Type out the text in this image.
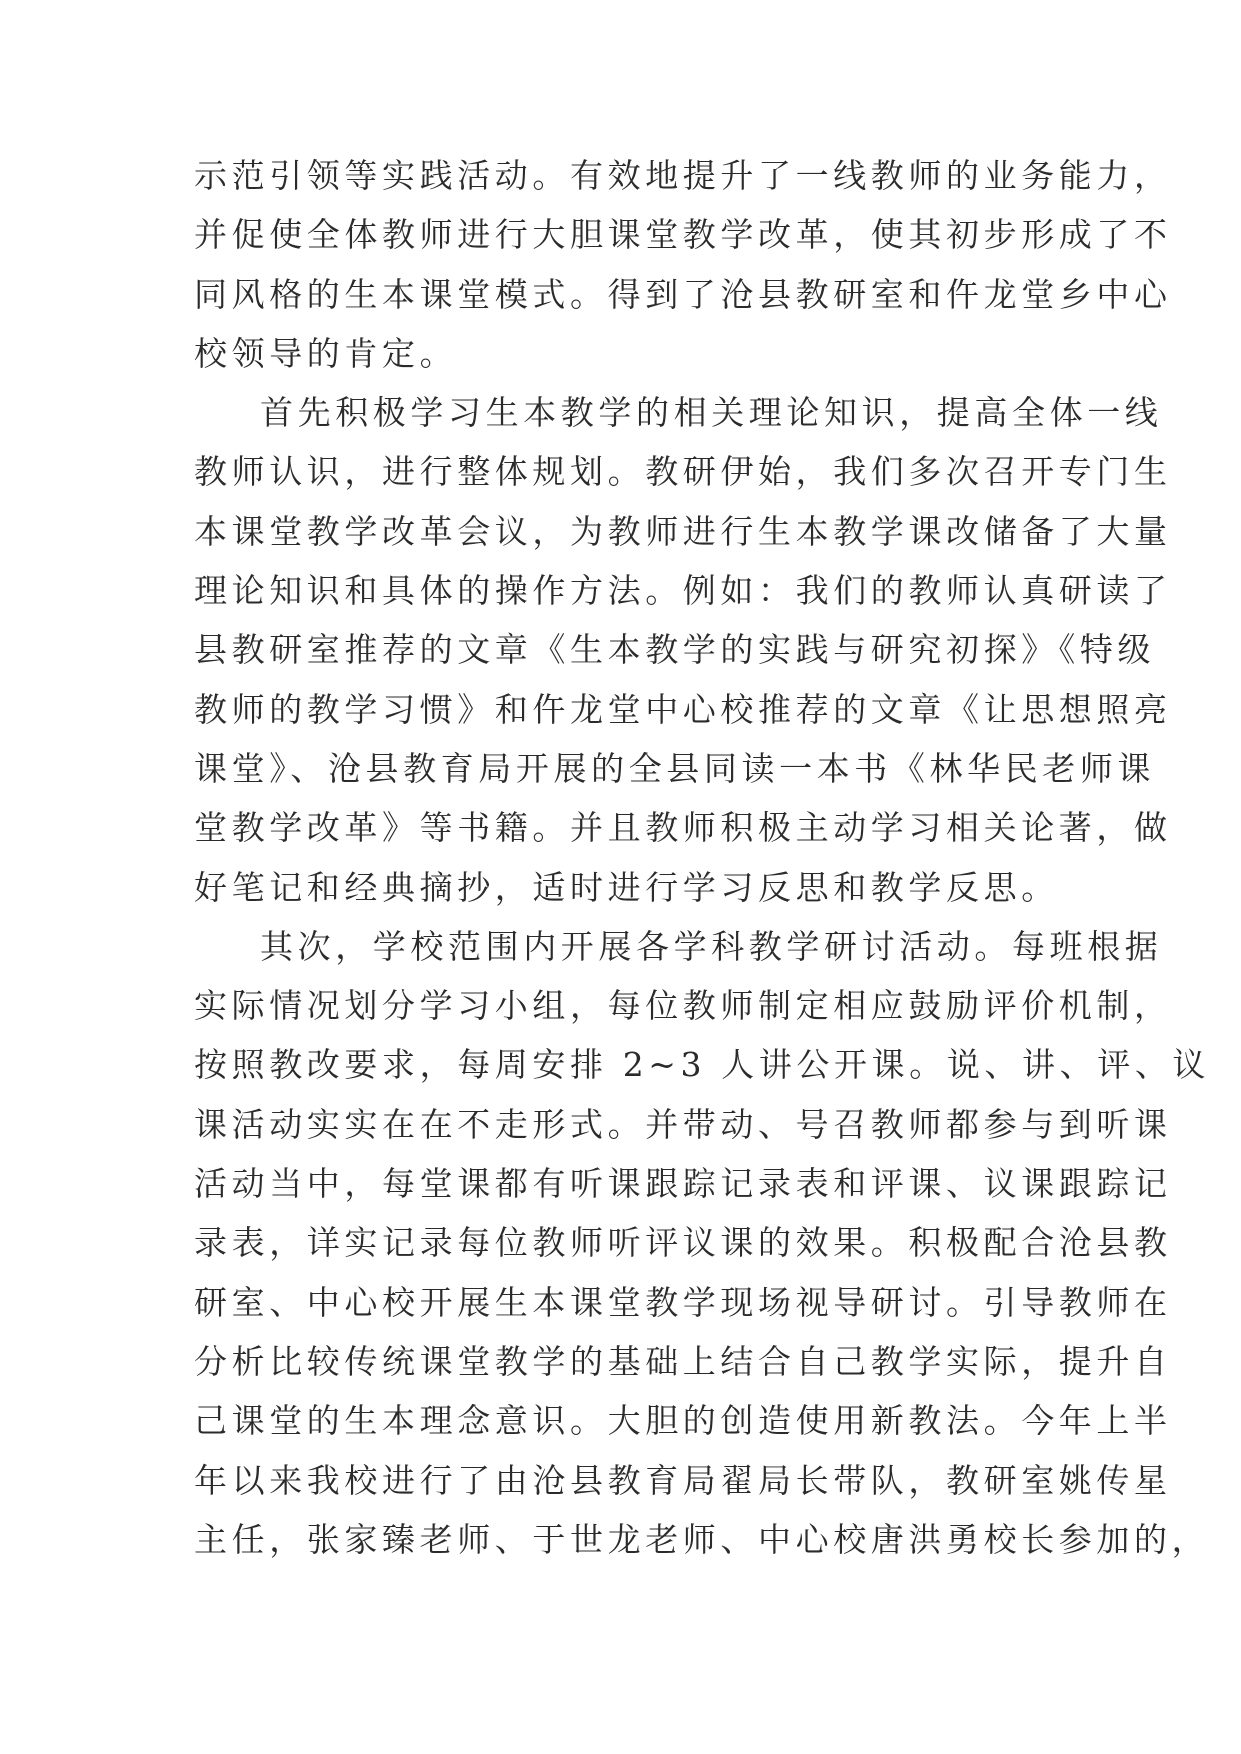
示范引领等实践活动。有效地提升了一线教师的业务能力，
并促使全体教师进行大胆课堂教学改革，使其初步形成了不
同风格的生本课堂模式。得到了沧县教研室和仵龙堂乡中心
校领导的肯定。
首先积极学习生本教学的相关理论知识，提高全体一线
教师认识，进行整体规划。教研伊始，我们多次召开专门生
本课堂教学改革会议，为教师进行生本教学课改储备了大量
理论知识和具体的操作方法。例如：我们的教师认真研读了
县教研室推荐的文章《生本教学的实践与研究初探》《特级
教师的教学习惯》和仵龙堂中心校推荐的文章《让思想照亮
课堂》、沧县教育局开展的全县同读一本书《林华民老师课
堂教学改革》等书籍。并且教师积极主动学习相关论著，做
好笔记和经典摘抄，适时进行学习反思和教学反思。
其次，学校范围内开展各学科教学研讨活动。每班根据
实际情况划分学习小组，每位教师制定相应鼓励评价机制，
按照教改要求，每周安排 2~3 人讲公开课。说、讲、评、议
课活动实实在在不走形式。并带动、号召教师都参与到听课
活动当中，每堂课都有听课跟踪记录表和评课、议课跟踪记
录表，详实记录每位教师听评议课的效果。积极配合沧县教
研室、中心校开展生本课堂教学现场视导研讨。引导教师在
分析比较传统课堂教学的基础上结合自己教学实际，提升自
己课堂的生本理念意识。大胆的创造使用新教法。今年上半
年以来我校进行了由沧县教育局翟局长带队，教研室姚传星
主任，张家臻老师、于世龙老师、中心校唐洪勇校长参加的，
